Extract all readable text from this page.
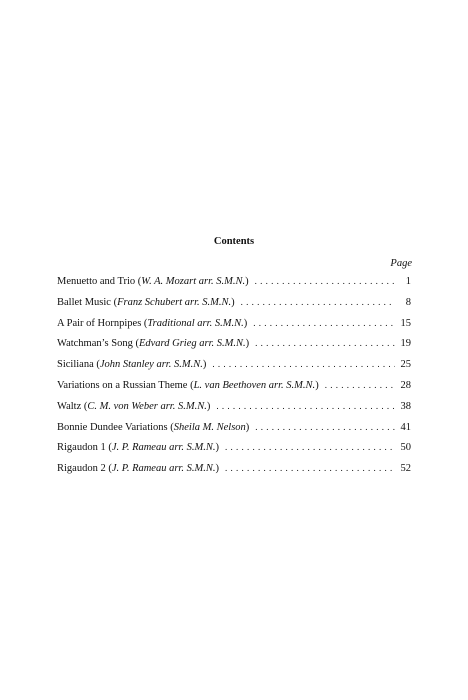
Contents
Page
Menuetto and Trio (W. A. Mozart arr. S.M.N.) . . .	1
Ballet Music (Franz Schubert arr. S.M.N.) . . .	8
A Pair of Hornpipes (Traditional arr. S.M.N.) . . .	15
Watchman’s Song (Edvard Grieg arr. S.M.N.) . . .	19
Siciliana (John Stanley arr. S.M.N.) . . .	25
Variations on a Russian Theme (L. van Beethoven arr. S.M.N.) . . .	28
Waltz (C. M. von Weber arr. S.M.N.) . . .	38
Bonnie Dundee Variations (Sheila M. Nelson) . . .	41
Rigaudon 1 (J. P. Rameau arr. S.M.N.) . . .	50
Rigaudon 2 (J. P. Rameau arr. S.M.N.) . . .	52
